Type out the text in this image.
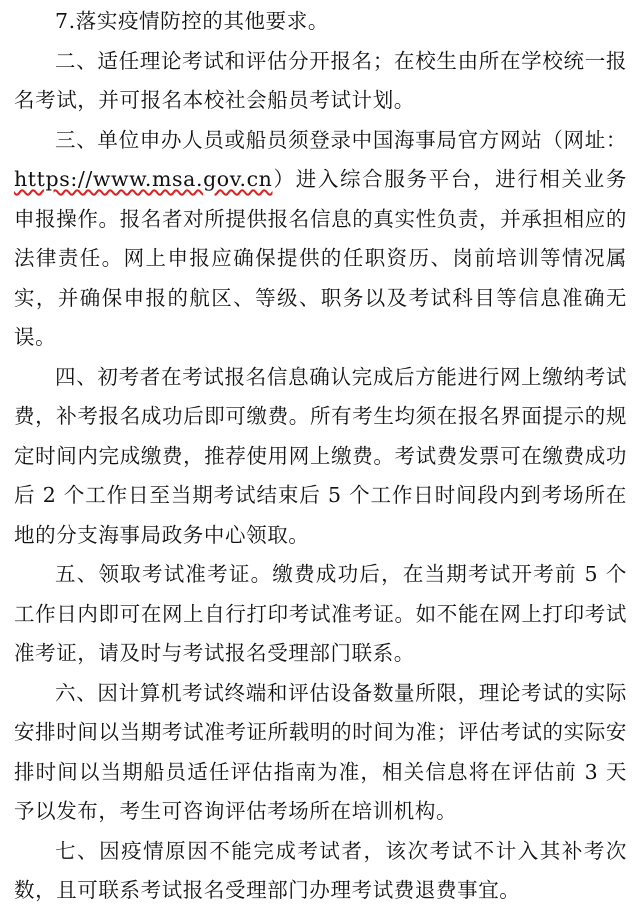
7.落实疫情防控的其他要求。

二、适任理论考试和评估分开报名；在校生由所在学校统一报名考试，并可报名本校社会船员考试计划。

三、单位申办人员或船员须登录中国海事局官方网站（网址：https://www.msa.gov.cn）进入综合服务平台，进行相关业务申报操作。报名者对所提供报名信息的真实性负责，并承担相应的法律责任。网上申报应确保提供的任职资历、岗前培训等情况属实，并确保申报的航区、等级、职务以及考试科目等信息准确无误。

四、初考者在考试报名信息确认完成后方能进行网上缴纳考试费，补考报名成功后即可缴费。所有考生均须在报名界面提示的规定时间内完成缴费，推荐使用网上缴费。考试费发票可在缴费成功后 2 个工作日至当期考试结束后 5 个工作日时间段内到考场所在地的分支海事局政务中心领取。

五、领取考试准考证。缴费成功后，在当期考试开考前 5 个工作日内即可在网上自行打印考试准考证。如不能在网上打印考试准考证，请及时与考试报名受理部门联系。

六、因计算机考试终端和评估设备数量所限，理论考试的实际安排时间以当期考试准考证所载明的时间为准；评估考试的实际安排时间以当期船员适任评估指南为准，相关信息将在评估前 3 天予以发布，考生可咨询评估考场所在培训机构。

七、因疫情原因不能完成考试者，该次考试不计入其补考次数，且可联系考试报名受理部门办理考试费退费事宜。
